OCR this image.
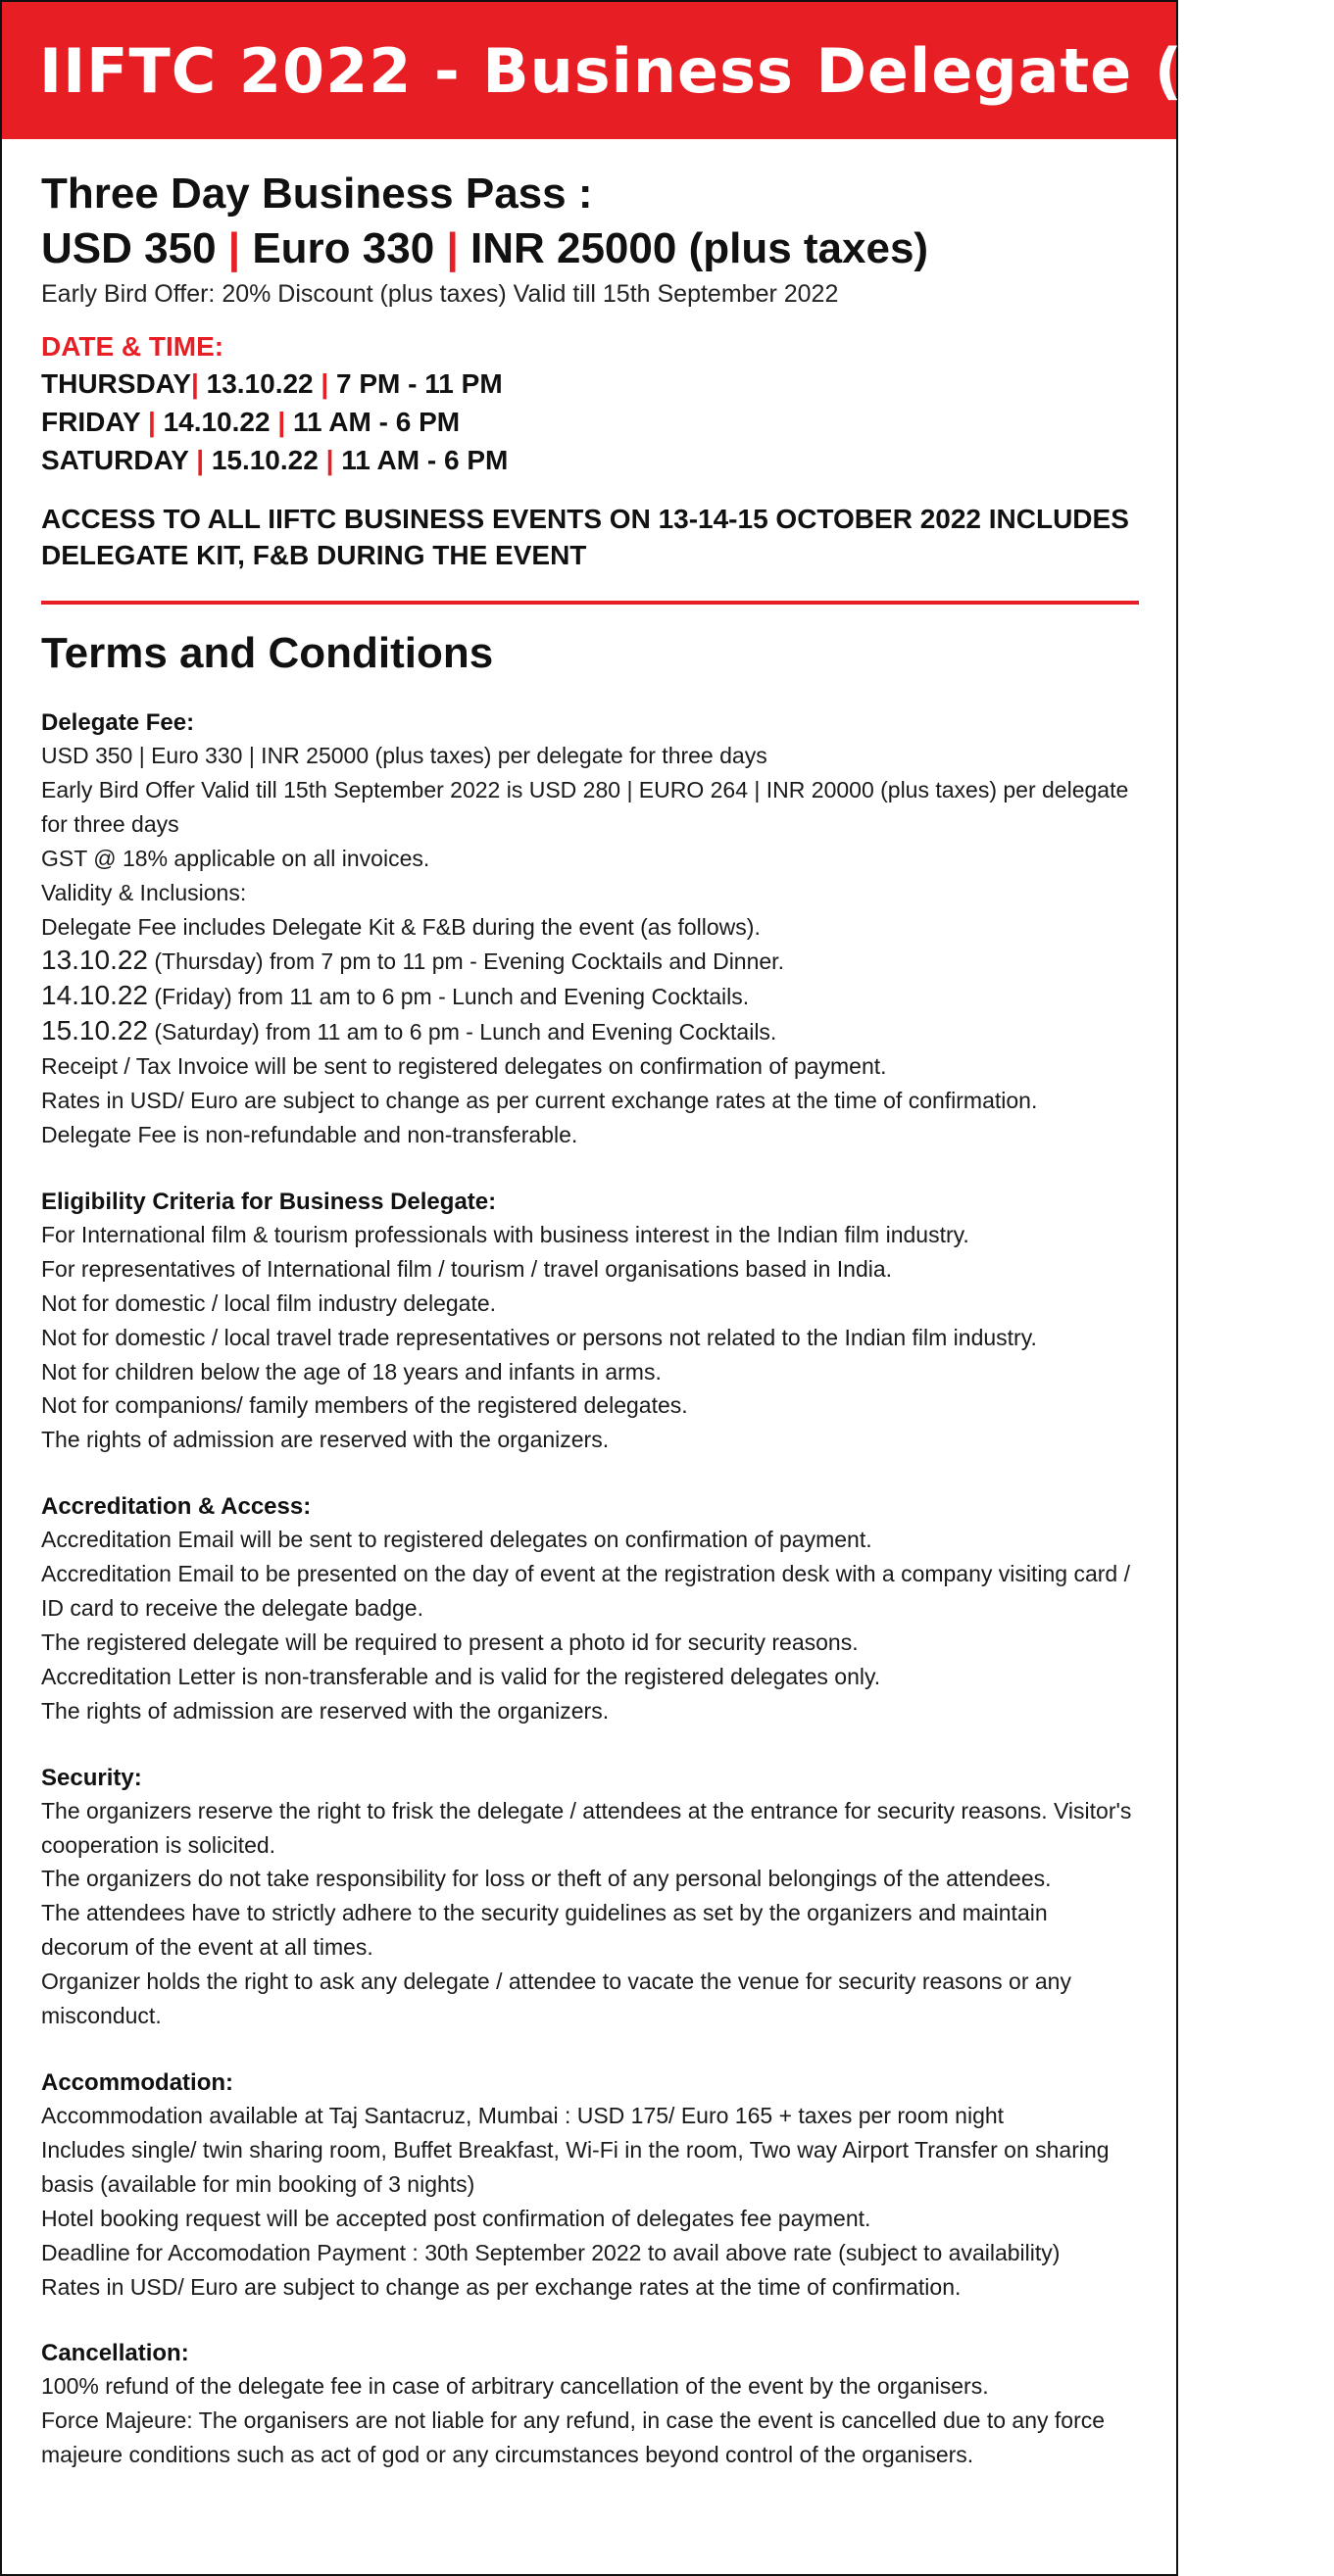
IIFTC 2022 - Business Delegate (IBD)
Three Day Business Pass :
USD 350 | Euro 330 | INR 25000 (plus taxes)
Early Bird Offer: 20% Discount (plus taxes) Valid till 15th September 2022
DATE & TIME:
THURSDAY| 13.10.22 | 7 PM - 11 PM
FRIDAY | 14.10.22 | 11 AM - 6 PM
SATURDAY | 15.10.22 | 11 AM - 6 PM
ACCESS TO ALL IIFTC BUSINESS EVENTS ON 13-14-15 OCTOBER 2022 INCLUDES DELEGATE KIT, F&B DURING THE EVENT
Terms and Conditions
Delegate Fee:
USD 350 | Euro 330 | INR 25000 (plus taxes) per delegate for three days
Early Bird Offer Valid till 15th September 2022 is USD 280 | EURO 264 | INR 20000 (plus taxes) per delegate for three days
GST @ 18% applicable on all invoices.
Validity & Inclusions:
Delegate Fee includes Delegate Kit & F&B during the event (as follows).
13.10.22 (Thursday) from 7 pm to 11 pm - Evening Cocktails and Dinner.
14.10.22 (Friday) from 11 am to 6 pm - Lunch and Evening Cocktails.
15.10.22 (Saturday) from 11 am to 6 pm - Lunch and Evening Cocktails.
Receipt / Tax Invoice will be sent to registered delegates on confirmation of payment.
Rates in USD/ Euro are subject to change as per current exchange rates at the time of confirmation.
Delegate Fee is non-refundable and non-transferable.
Eligibility Criteria for Business Delegate:
For International film & tourism professionals with business interest in the Indian film industry.
For representatives of International film / tourism / travel organisations based in India.
Not for domestic / local film industry delegate.
Not for domestic / local travel trade representatives or persons not related to the Indian film industry.
Not for children below the age of 18 years and infants in arms.
Not for companions/ family members of the registered delegates.
The rights of admission are reserved with the organizers.
Accreditation & Access:
Accreditation Email will be sent to registered delegates on confirmation of payment.
Accreditation Email to be presented on the day of event at the registration desk with a company visiting card / ID card to receive the delegate badge.
The registered delegate will be required to present a photo id for security reasons.
Accreditation Letter is non-transferable and is valid for the registered delegates only.
The rights of admission are reserved with the organizers.
Security:
The organizers reserve the right to frisk the delegate / attendees at the entrance for security reasons. Visitor's cooperation is solicited.
The organizers do not take responsibility for loss or theft of any personal belongings of the attendees.
The attendees have to strictly adhere to the security guidelines as set by the organizers and maintain decorum of the event at all times.
Organizer holds the right to ask any delegate / attendee to vacate the venue for security reasons or any misconduct.
Accommodation:
Accommodation available at Taj Santacruz, Mumbai : USD 175/ Euro 165 + taxes per room night
Includes single/ twin sharing room, Buffet Breakfast, Wi-Fi in the room, Two way Airport Transfer on sharing basis (available for min booking of 3 nights)
Hotel booking request will be accepted post confirmation of delegates fee payment.
Deadline for Accomodation Payment : 30th September 2022 to avail above rate (subject to availability)
Rates in USD/ Euro are subject to change as per exchange rates at the time of confirmation.
Cancellation:
100% refund of the delegate fee in case of arbitrary cancellation of the event by the organisers.
Force Majeure: The organisers are not liable for any refund, in case the event is cancelled due to any force majeure conditions such as act of god or any circumstances beyond control of the organisers.
